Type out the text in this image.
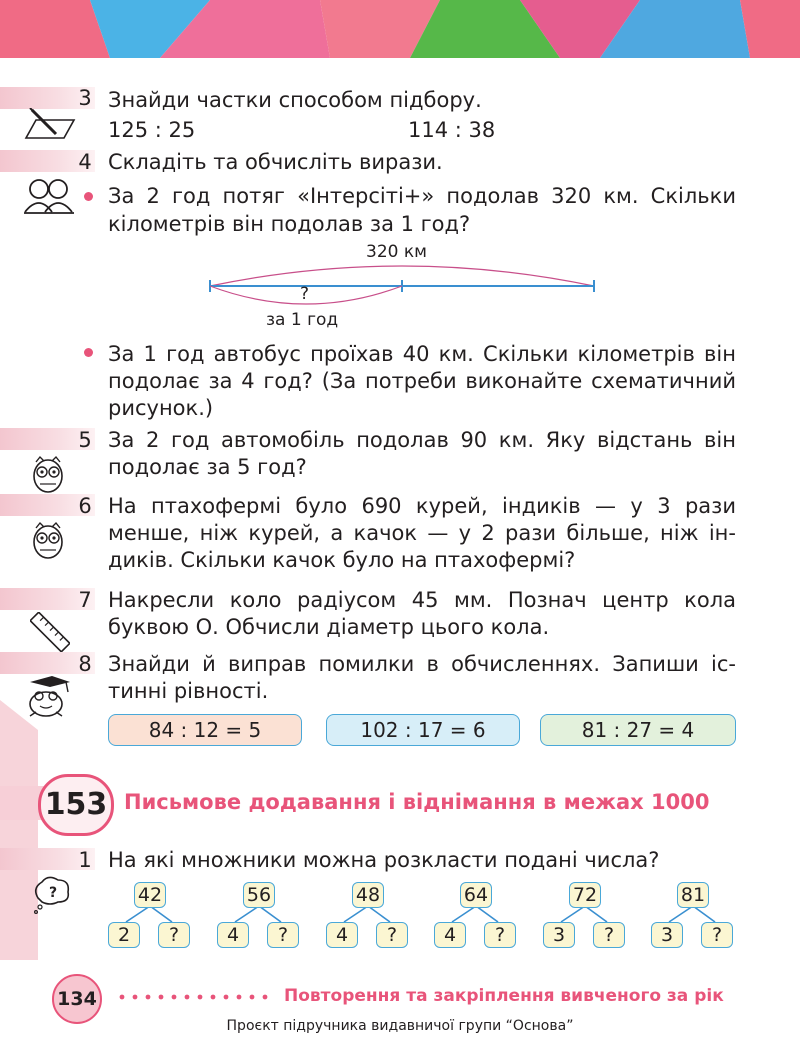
3 Знайди частки способом підбору.
125 : 25	114 : 38
4 Складіть та обчисліть вирази.
За 2 год потяг «Інтерсіті+» подолав 320 км. Скільки
кілометрів він подолав за 1 год?
320 км
?
за 1 год
За 1 год автобус проїхав 40 км. Скільки кілометрів він
подолає за 4 год? (За потреби виконайте схематичний
рисунок.)
5 За 2 год автомобіль подолав 90 км. Яку відстань він
подолає за 5 год?
6 На птахофермі було 690 курей, індиків — у 3 рази
менше, ніж курей, а качок — у 2 рази більше, ніж ін-
диків. Скільки качок було на птахофермі?
7 Накресли коло радіусом 45 мм. Познач центр кола
буквою О. Обчисли діаметр цього кола.
8 Знайди й виправ помилки в обчисленнях. Запиши іс-
тинні рівності.
84 : 12 = 5	102 : 17 = 6	81 : 27 = 4
153 Письмове додавання і віднімання в межах 1000
1
?
На які множники можна розкласти подані числа?
42
2	?
56
4	?
48
4	?
64
4	?
72
3	?
81
3	?
134	Повторення та закріплення вивченого за рік
Проєкт підручника видавничої групи “Основа”
